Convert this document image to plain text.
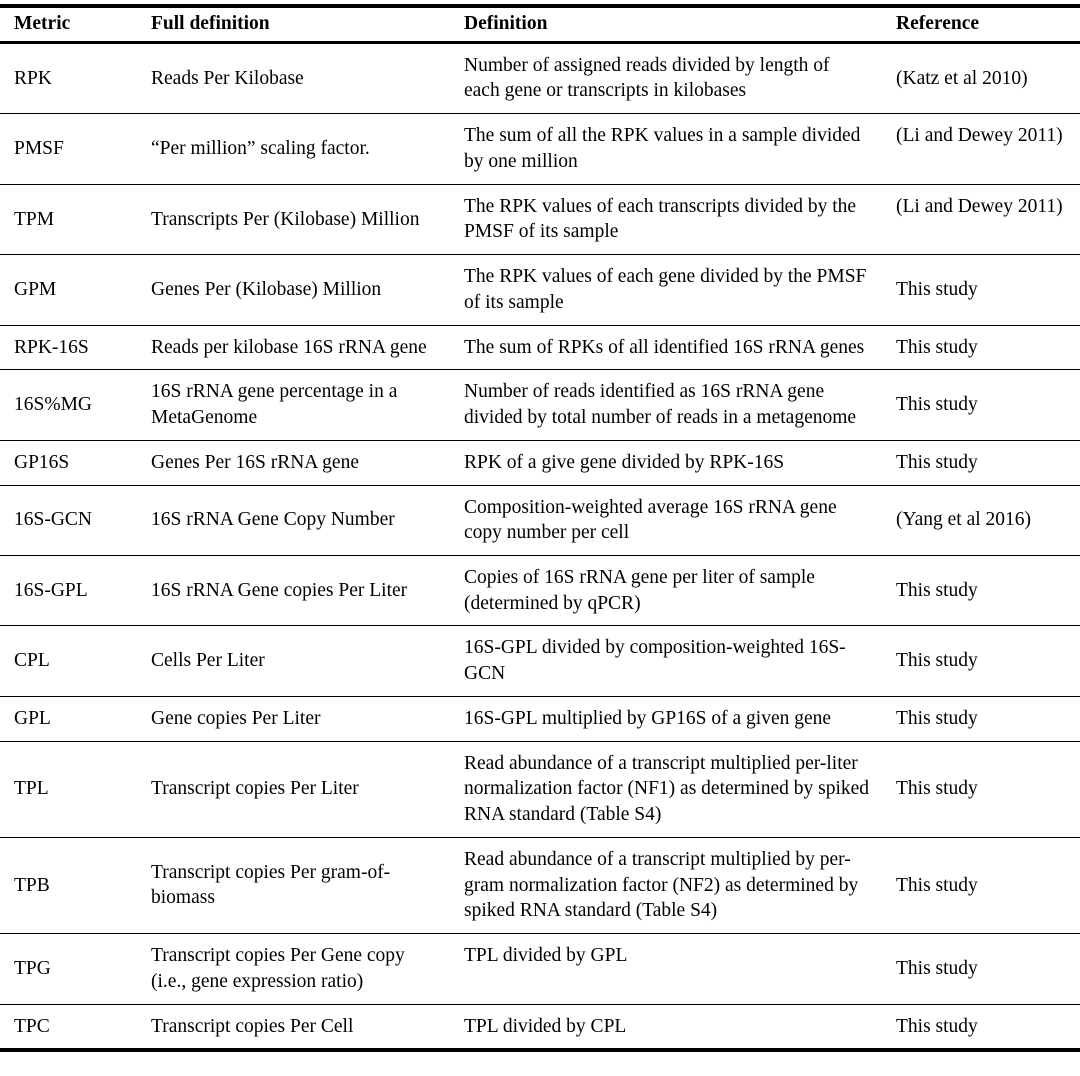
Metric	Full definition	Definition	Reference
RPK	Reads Per Kilobase	Number of assigned reads divided by length of each gene or transcripts in kilobases	(Katz et al 2010)
PMSF	“Per million” scaling factor.	The sum of all the RPK values in a sample divided by one million	(Li and Dewey 2011)
TPM	Transcripts Per (Kilobase) Million	The RPK values of each transcripts divided by the PMSF of its sample	(Li and Dewey 2011)
GPM	Genes Per (Kilobase) Million	The RPK values of each gene divided by the PMSF of its sample	This study
RPK-16S	Reads per kilobase 16S rRNA gene	The sum of RPKs of all identified 16S rRNA genes	This study
16S%MG	16S rRNA gene percentage in a MetaGenome	Number of reads identified as 16S rRNA gene divided by total number of reads in a metagenome	This study
GP16S	Genes Per 16S rRNA gene	RPK of a give gene divided by RPK-16S	This study
16S-GCN	16S rRNA Gene Copy Number	Composition-weighted average 16S rRNA gene copy number per cell	(Yang et al 2016)
16S-GPL	16S rRNA Gene copies Per Liter	Copies of 16S rRNA gene per liter of sample (determined by qPCR)	This study
CPL	Cells Per Liter	16S-GPL divided by composition-weighted 16S-GCN	This study
GPL	Gene copies Per Liter	16S-GPL multiplied by GP16S of a given gene	This study
TPL	Transcript copies Per Liter	Read abundance of a transcript multiplied per-liter normalization factor (NF1) as determined by spiked RNA standard (Table S4)	This study
TPB	Transcript copies Per gram-of-biomass	Read abundance of a transcript multiplied by per-gram normalization factor (NF2) as determined by spiked RNA standard (Table S4)	This study
TPG	Transcript copies Per Gene copy    (i.e., gene expression ratio)	TPL divided by GPL	This study
TPC	Transcript copies Per Cell	TPL divided by CPL	This study
